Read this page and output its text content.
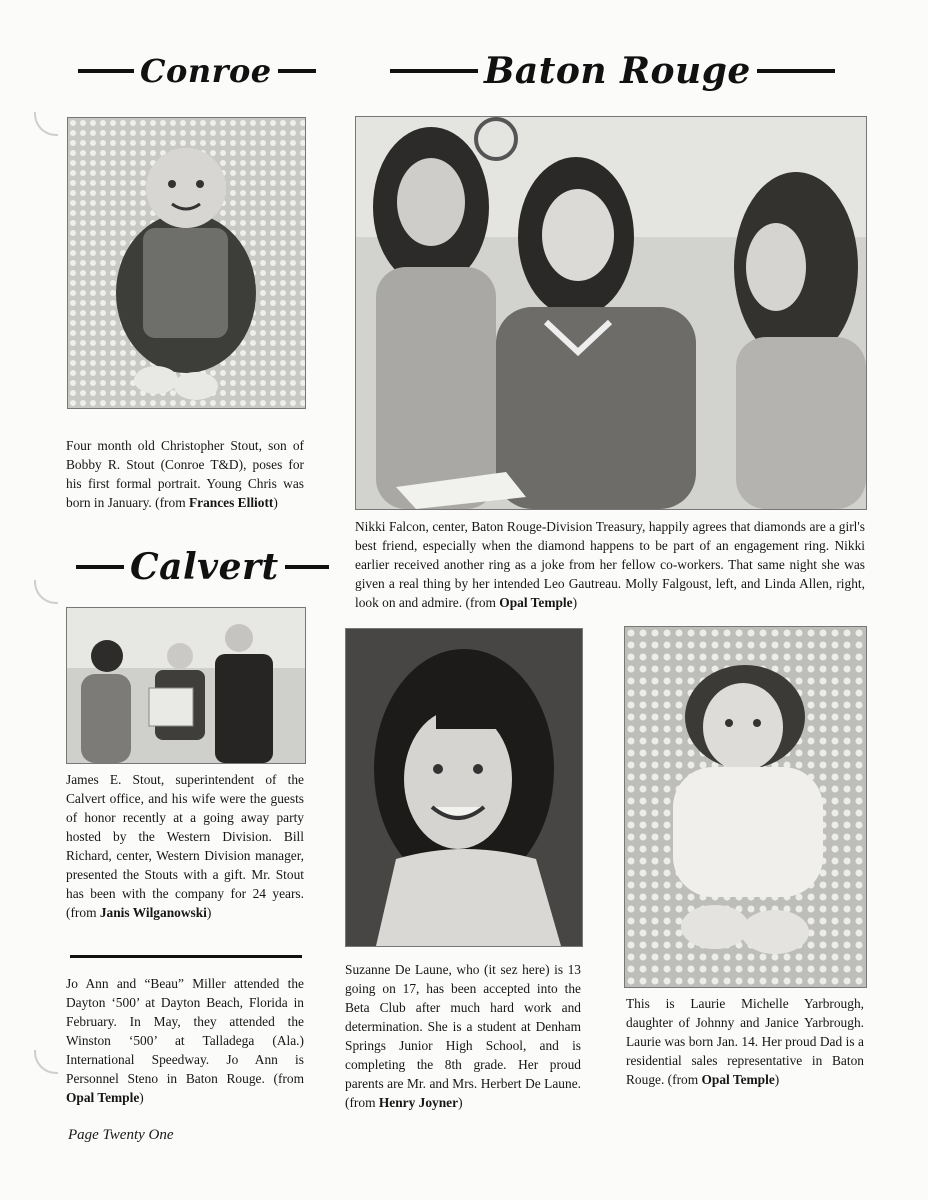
Conroe	Baton Rouge
Four month old Christopher Stout, son of Bobby R. Stout (Conroe T&D), poses for his first formal portrait. Young Chris was born in January. (from Frances Elliott)
Nikki Falcon, center, Baton Rouge-Division Treasury, happily agrees that diamonds are a girl's best friend, especially when the diamond happens to be part of an engagement ring. Nikki earlier received another ring as a joke from her fellow co-workers. That same night she was given a real thing by her intended Leo Gautreau. Molly Falgoust, left, and Linda Allen, right, look on and admire. (from Opal Temple)
Calvert
James E. Stout, superintendent of the Calvert office, and his wife were the guests of honor recently at a going away party hosted by the Western Division. Bill Richard, center, Western Division manager, presented the Stouts with a gift. Mr. Stout has been with the company for 24 years. (from Janis Wilganowski)
Jo Ann and “Beau” Miller attended the Dayton ‘500’ at Dayton Beach, Florida in February. In May, they attended the Winston ‘500’ at Talladega (Ala.) International Speedway. Jo Ann is Personnel Steno in Baton Rouge. (from Opal Temple)
Suzanne De Laune, who (it sez here) is 13 going on 17, has been accepted into the Beta Club after much hard work and determination. She is a student at Denham Springs Junior High School, and is completing the 8th grade. Her proud parents are Mr. and Mrs. Herbert De Laune. (from Henry Joyner)
This is Laurie Michelle Yarbrough, daughter of Johnny and Janice Yarbrough. Laurie was born Jan. 14. Her proud Dad is a residential sales representative in Baton Rouge. (from Opal Temple)
Page Twenty One
